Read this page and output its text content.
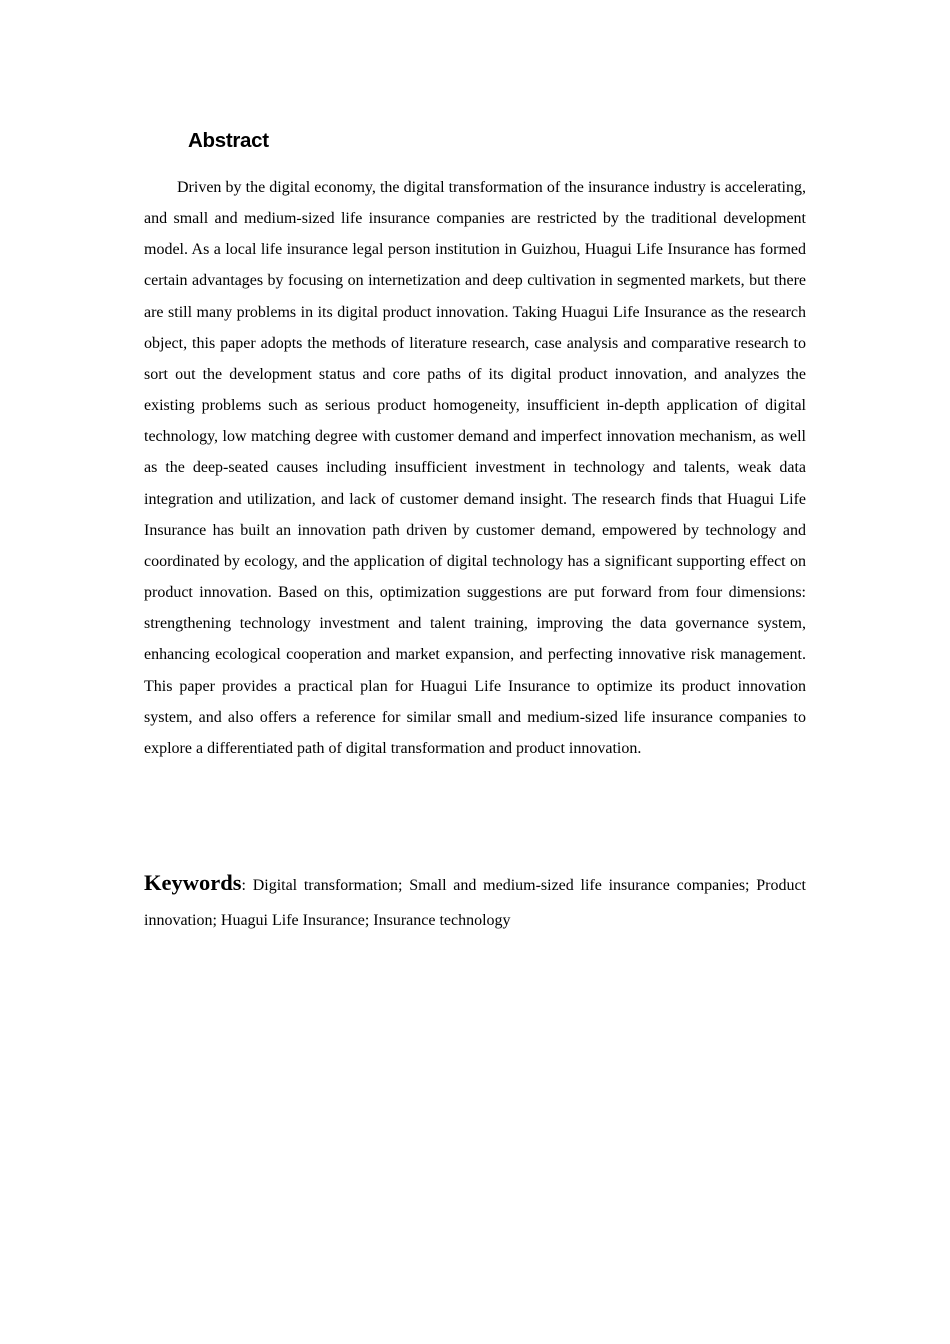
Abstract

Driven by the digital economy, the digital transformation of the insurance industry is accelerating, and small and medium-sized life insurance companies are restricted by the traditional development model. As a local life insurance legal person institution in Guizhou, Huagui Life Insurance has formed certain advantages by focusing on internetization and deep cultivation in segmented markets, but there are still many problems in its digital product innovation. Taking Huagui Life Insurance as the research object, this paper adopts the methods of literature research, case analysis and comparative research to sort out the development status and core paths of its digital product innovation, and analyzes the existing problems such as serious product homogeneity, insufficient in-depth application of digital technology, low matching degree with customer demand and imperfect innovation mechanism, as well as the deep-seated causes including insufficient investment in technology and talents, weak data integration and utilization, and lack of customer demand insight. The research finds that Huagui Life Insurance has built an innovation path driven by customer demand, empowered by technology and coordinated by ecology, and the application of digital technology has a significant supporting effect on product innovation. Based on this, optimization suggestions are put forward from four dimensions: strengthening technology investment and talent training, improving the data governance system, enhancing ecological cooperation and market expansion, and perfecting innovative risk management. This paper provides a practical plan for Huagui Life Insurance to optimize its product innovation system, and also offers a reference for similar small and medium-sized life insurance companies to explore a differentiated path of digital transformation and product innovation.

Keywords: Digital transformation; Small and medium-sized life insurance companies; Product innovation; Huagui Life Insurance; Insurance technology
